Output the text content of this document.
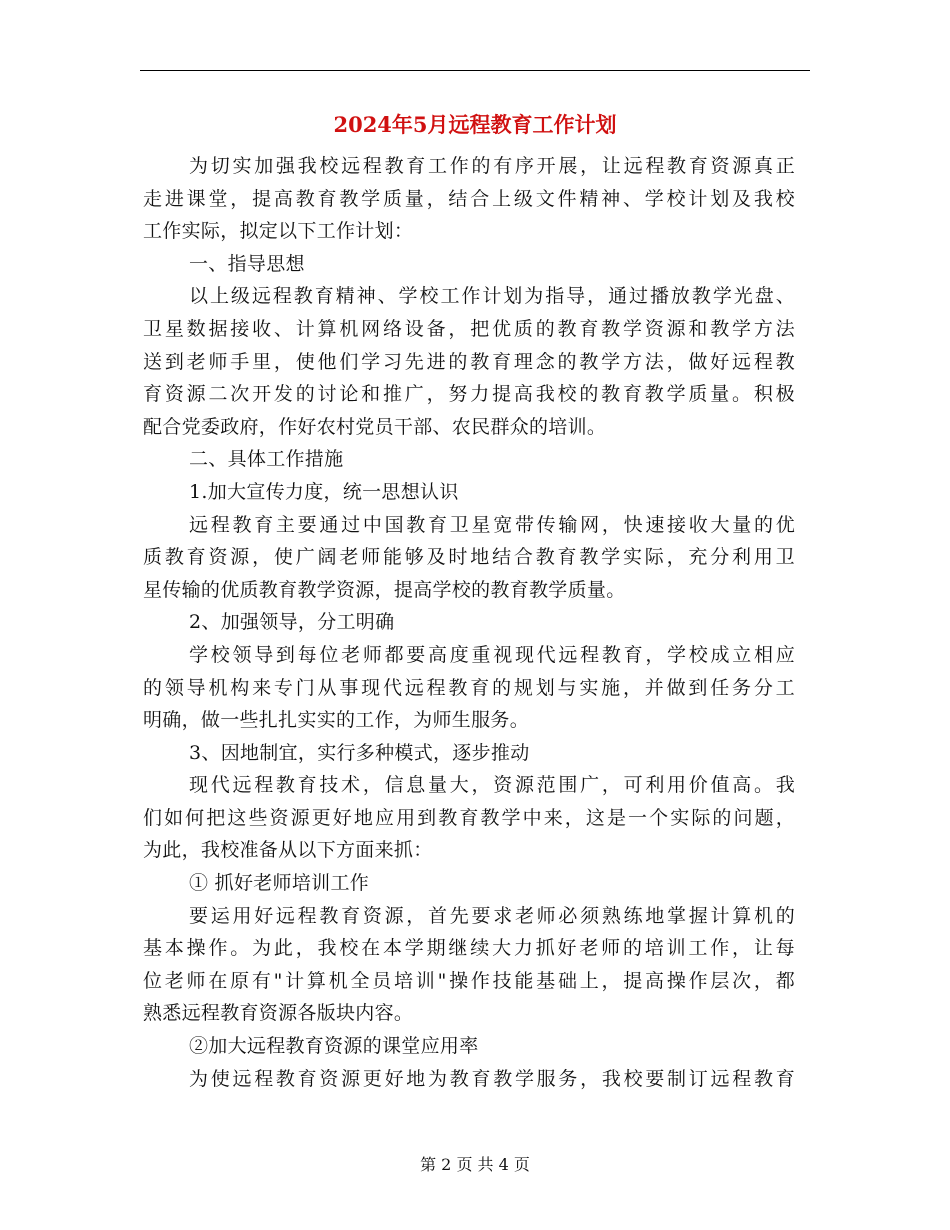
2024年5月远程教育工作计划
为切实加强我校远程教育工作的有序开展，让远程教育资源真正
走进课堂，提高教育教学质量，结合上级文件精神、学校计划及我校
工作实际，拟定以下工作计划：
一、指导思想
以上级远程教育精神、学校工作计划为指导，通过播放教学光盘、
卫星数据接收、计算机网络设备，把优质的教育教学资源和教学方法
送到老师手里，使他们学习先进的教育理念的教学方法，做好远程教
育资源二次开发的讨论和推广，努力提高我校的教育教学质量。积极
配合党委政府，作好农村党员干部、农民群众的培训。
二、具体工作措施
1.加大宣传力度，统一思想认识
远程教育主要通过中国教育卫星宽带传输网，快速接收大量的优
质教育资源，使广阔老师能够及时地结合教育教学实际，充分利用卫
星传输的优质教育教学资源，提高学校的教育教学质量。
2、加强领导，分工明确
学校领导到每位老师都要高度重视现代远程教育，学校成立相应
的领导机构来专门从事现代远程教育的规划与实施，并做到任务分工
明确，做一些扎扎实实的工作，为师生服务。
3、因地制宜，实行多种模式，逐步推动
现代远程教育技术，信息量大，资源范围广，可利用价值高。我
们如何把这些资源更好地应用到教育教学中来，这是一个实际的问题，
为此，我校准备从以下方面来抓：
① 抓好老师培训工作
要运用好远程教育资源，首先要求老师必须熟练地掌握计算机的
基本操作。为此，我校在本学期继续大力抓好老师的培训工作，让每
位老师在原有"计算机全员培训"操作技能基础上，提高操作层次，都
熟悉远程教育资源各版块内容。
②加大远程教育资源的课堂应用率
为使远程教育资源更好地为教育教学服务，我校要制订远程教育
第 2 页 共 4 页
